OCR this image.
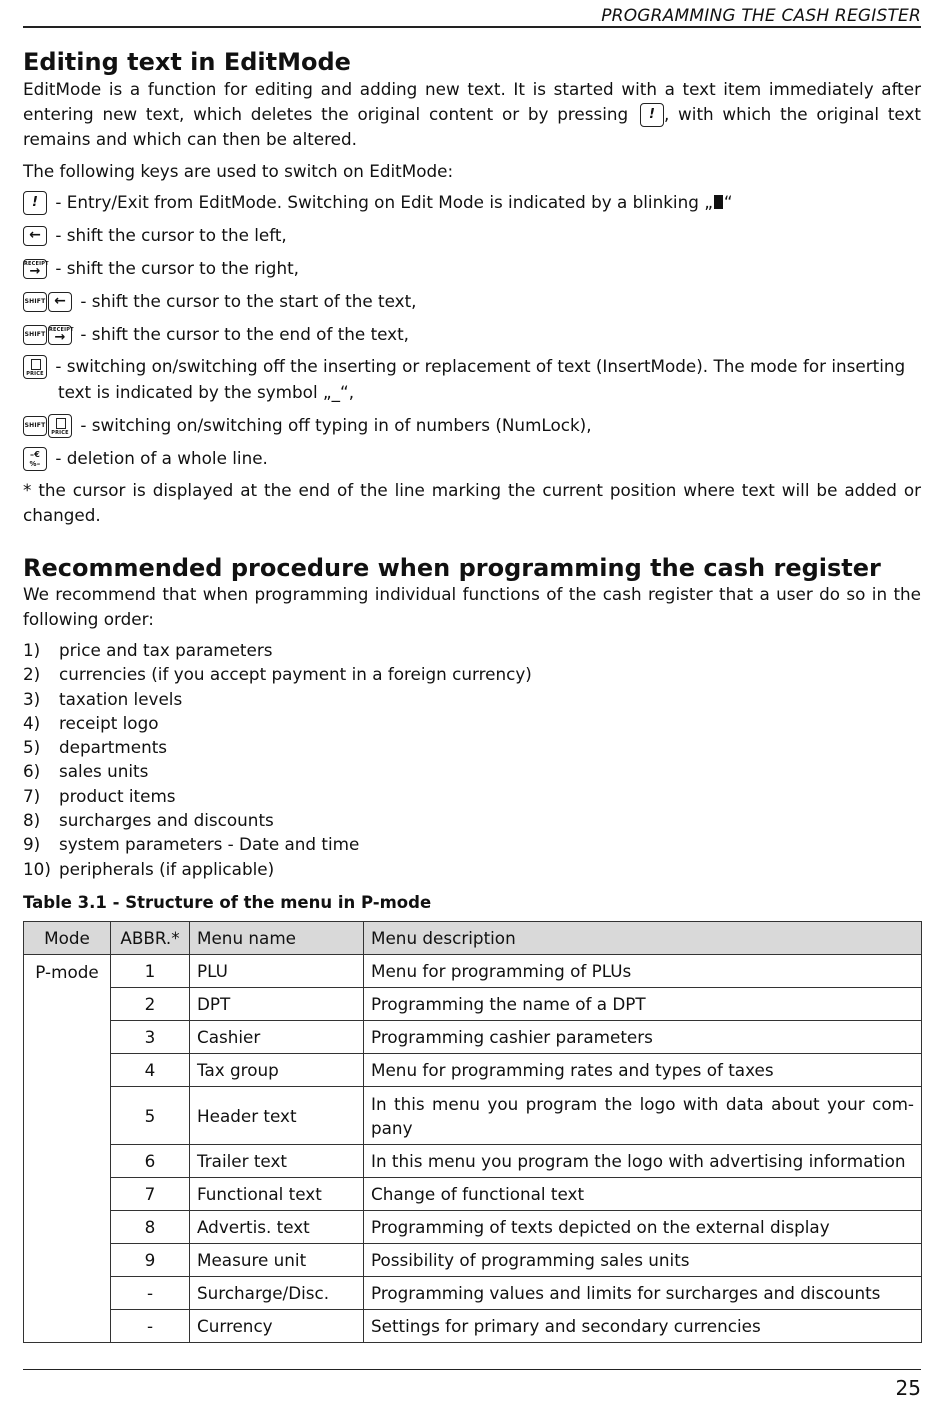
PROGRAMMING THE CASH REGISTER
Editing text in EditMode

EditMode is a function for editing and adding new text. It is started with a text item immediately after entering new text, which deletes the original content or by pressing	! , with which the original text remains and which can then be altered.

The following keys are used to switch on EditMode:

!	- Entry/Exit from EditMode. Switching on Edit Mode is indicated by a blinking „ “
← - shift the cursor to the left,
RECEIPT
→ - shift the cursor to the right,
SHIFT ← - shift the cursor to the start of the text,
SHIFT
RECEIPT
→ - shift the cursor to the end of the text,
PRICE - switching on/switching off the inserting or replacement of text (InsertMode). The mode for inserting
text is indicated by the symbol „_“,
SHIFT
PRICE - switching on/switching off typing in of numbers (NumLock),
–€
%– - deletion of a whole line.

* the cursor is displayed at the end of the line marking the current position where text will be added or changed.

Recommended procedure when programming the cash register

We recommend that when programming individual functions of the cash register that a user do so in the following order:

1) price and tax parameters
2) currencies (if you accept payment in a foreign currency)
3) taxation levels
4) receipt logo
5) departments
6) sales units
7) product items
8) surcharges and discounts
9) system parameters - Date and time
10) peripherals (if applicable)
Table 3.1 - Structure of the menu in P-mode
Mode	ABBR.*	Menu name	Menu description
P-mode	1	PLU	Menu for programming of PLUs
	2	DPT	Programming the name of a DPT
	3	Cashier	Programming cashier parameters
	4	Tax group	Menu for programming rates and types of taxes
	5	Header text	In this menu you program the logo with data about your com-pany
	6	Trailer text	In this menu you program the logo with advertising information
	7	Functional text	Change of functional text
	8	Advertis. text	Programming of texts depicted on the external display
	9	Measure unit	Possibility of programming sales units
	-	Surcharge/Disc.	Programming values and limits for surcharges and discounts
	-	Currency	Settings for primary and secondary currencies
25
